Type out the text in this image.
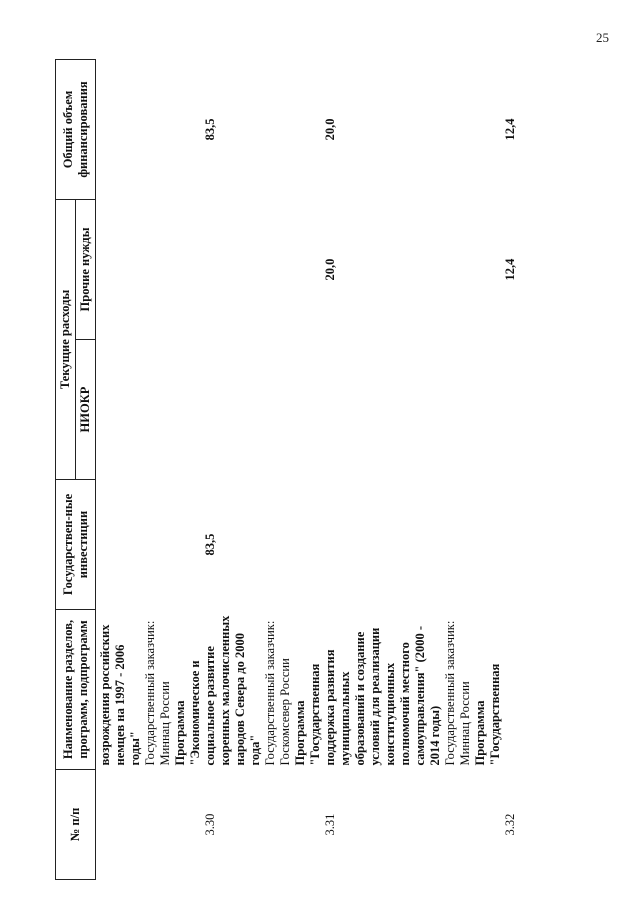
25
№ п/п	Наименование разделов, программ, подпрограмм	Государствен-ные инвестиции	Текущие расходы		Общий объем финансирования
			НИОКР	Прочие нужды	

	возрождения российских немцев на 1997 - 2006 годы" Государственный заказчик: Миннац России				

3.30	Программа "Экономическое и социальное развитие коренных малочисленных народов Севера до 2000 года" Государственный заказчик: Госкомсевер России	83,5			83,5
3.31	Программа "Государственная поддержка развития муниципальных образований и создание условий для реализации конституционных полномочий местного самоуправления" (2000 - 2014 годы) Государственный заказчик: Миннац России			20,0	20,0
3.32	Программа "Государственная			12,4	12,4
